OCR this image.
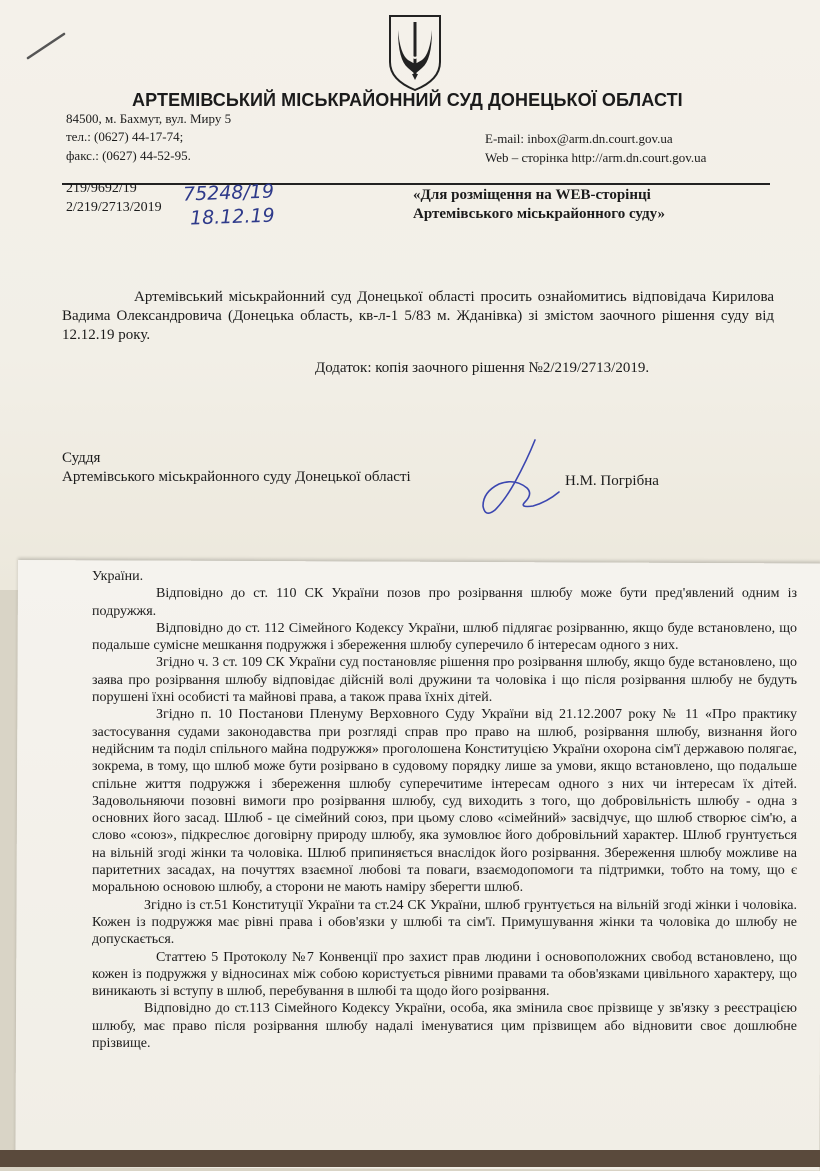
АРТЕМІВСЬКИЙ МІСЬКРАЙОННИЙ СУД ДОНЕЦЬКОЇ ОБЛАСТІ
84500, м. Бахмут, вул. Миру 5
тел.: (0627) 44-17-74;
факс.: (0627) 44-52-95.
E-mail: inbox@arm.dn.court.gov.ua
Web – сторінка http://arm.dn.court.gov.ua
219/9692/19
2/219/2713/2019
75248/19
18.12.19
«Для розміщення на WEB-сторінці
Артемівського міськрайонного суду»

Артемівський міськрайонний суд Донецької області просить ознайомитись відповідача Кирилова Вадима Олександровича (Донецька область, кв-л-1 5/83 м. Жданівка) зі змістом заочного рішення суду від 12.12.19 року.

Додаток: копія заочного рішення №2/219/2713/2019.
Суддя
Артемівського міськрайонного суду Донецької області	Н.М. Погрібна

України.

Відповідно до ст. 110 СК України позов про розірвання шлюбу може бути пред'явлений одним із подружжя.

Відповідно до ст. 112 Сімейного Кодексу України, шлюб підлягає розірванню, якщо буде встановлено, що подальше сумісне мешкання подружжя і збереження шлюбу суперечило б інтересам одного з них.

Згідно ч. 3 ст. 109 СК України суд постановляє рішення про розірвання шлюбу, якщо буде встановлено, що заява про розірвання шлюбу відповідає дійсній волі дружини та чоловіка і що після розірвання шлюбу не будуть порушені їхні особисті та майнові права, а також права їхніх дітей.

Згідно п. 10 Постанови Пленуму Верховного Суду України від 21.12.2007 року № 11 «Про практику застосування судами законодавства при розгляді справ про право на шлюб, розірвання шлюбу, визнання його недійсним та поділ спільного майна подружжя» проголошена Конституцією України охорона сім'ї державою полягає, зокрема, в тому, що шлюб може бути розірвано в судовому порядку лише за умови, якщо встановлено, що подальше спільне життя подружжя і збереження шлюбу суперечитиме інтересам одного з них чи інтересам їх дітей. Задовольняючи позовні вимоги про розірвання шлюбу, суд виходить з того, що добровільність шлюбу - одна з основних його засад. Шлюб - це сімейний союз, при цьому слово «сімейний» засвідчує, що шлюб створює сім'ю, а слово «союз», підкреслює договірну природу шлюбу, яка зумовлює його добровільний характер. Шлюб грунтується на вільній згоді жінки та чоловіка. Шлюб припиняється внаслідок його розірвання. Збереження шлюбу можливе на паритетних засадах, на почуттях взаємної любові та поваги, взаємодопомоги та підтримки, тобто на тому, що є моральною основою шлюбу, а сторони не мають наміру зберегти шлюб.

Згідно із ст.51 Конституції України та ст.24 СК України, шлюб грунтується на вільній згоді жінки і чоловіка. Кожен із подружжя має рівні права і обов'язки у шлюбі та сім'ї. Примушування жінки та чоловіка до шлюбу не допускається.

Статтею 5 Протоколу №7 Конвенції про захист прав людини і основоположних свобод встановлено, що кожен із подружжя у відносинах між собою користується рівними правами та обов'язками цивільного характеру, що виникають зі вступу в шлюб, перебування в шлюбі та щодо його розірвання.

Відповідно до ст.113 Сімейного Кодексу України, особа, яка змінила своє прізвище у зв'язку з реєстрацією шлюбу, має право після розірвання шлюбу надалі іменуватися цим прізвищем або відновити своє дошлюбне прізвище.
